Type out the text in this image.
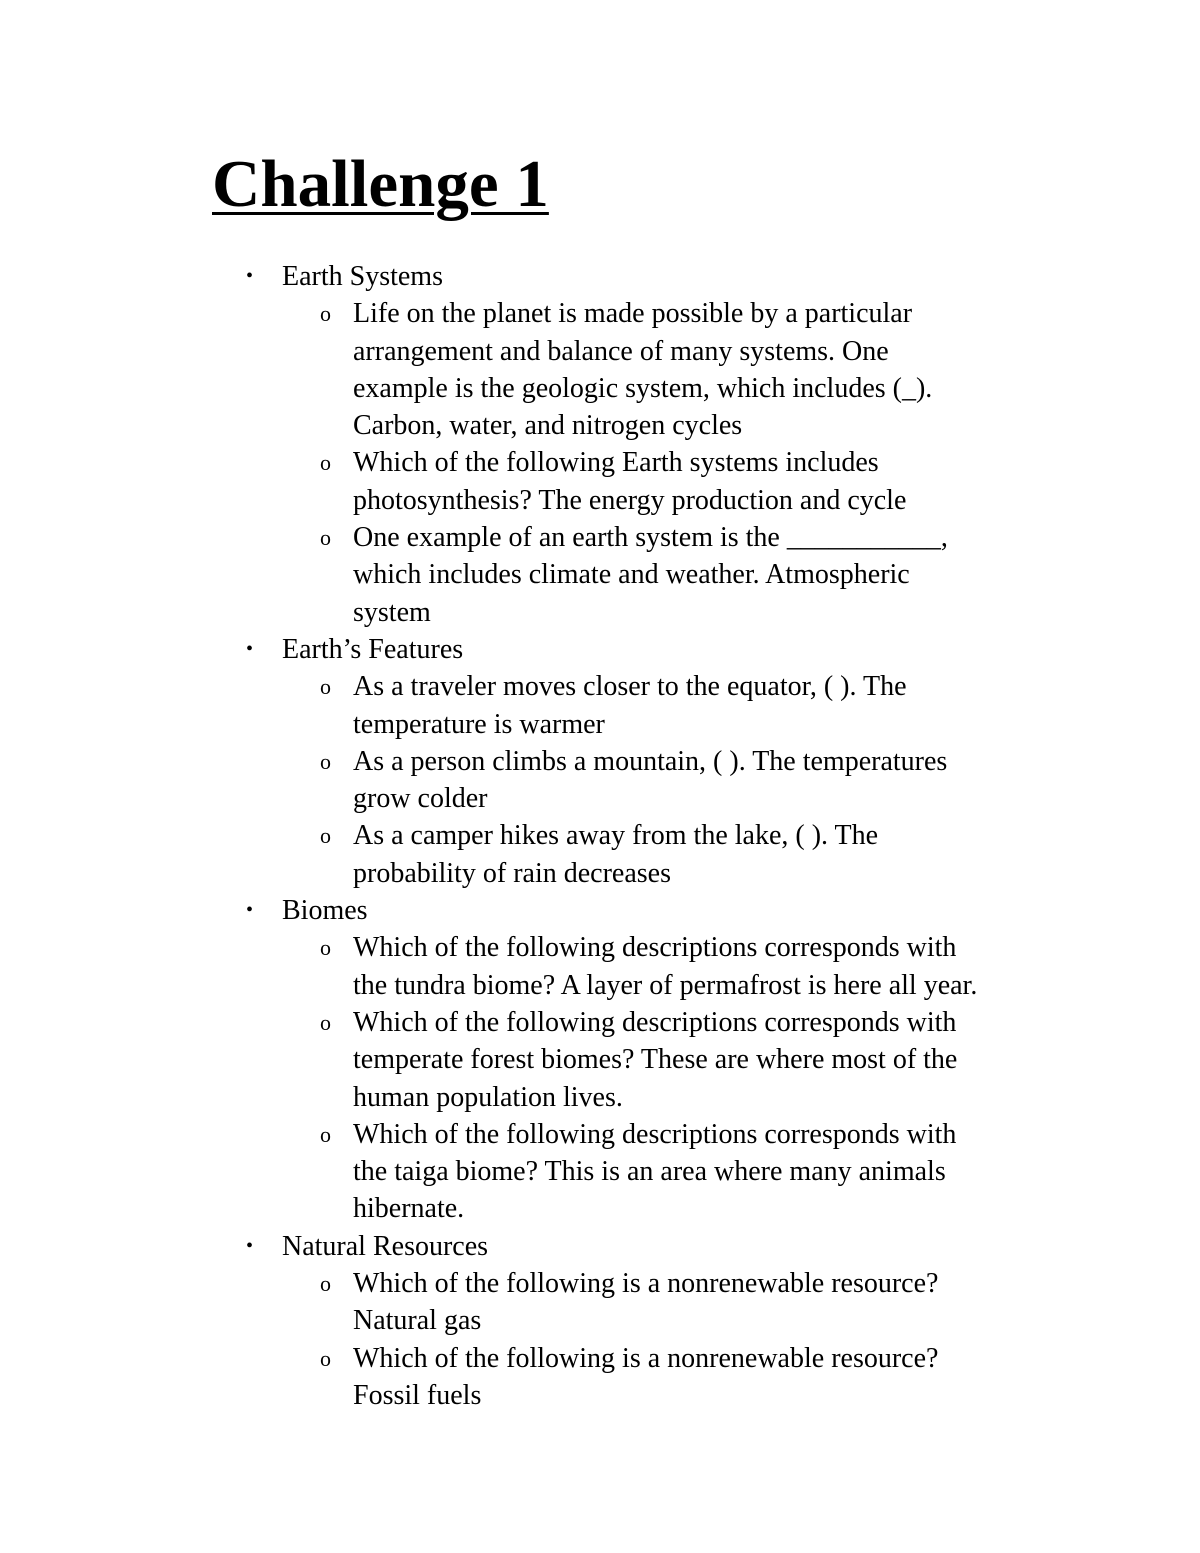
Challenge 1
• Earth Systems
o Life on the planet is made possible by a particular
arrangement and balance of many systems. One
example is the geologic system, which includes (_).
Carbon, water, and nitrogen cycles
o Which of the following Earth systems includes
photosynthesis? The energy production and cycle
o One example of an earth system is the ___________,
which includes climate and weather. Atmospheric
system
• Earth’s Features
o As a traveler moves closer to the equator, ( ). The
temperature is warmer
o As a person climbs a mountain, ( ). The temperatures
grow colder
o As a camper hikes away from the lake, ( ). The
probability of rain decreases
• Biomes
o Which of the following descriptions corresponds with
the tundra biome? A layer of permafrost is here all year.
o Which of the following descriptions corresponds with
temperate forest biomes? These are where most of the
human population lives.
o Which of the following descriptions corresponds with
the taiga biome? This is an area where many animals
hibernate.
• Natural Resources
o Which of the following is a nonrenewable resource?
Natural gas
o Which of the following is a nonrenewable resource?
Fossil fuels
